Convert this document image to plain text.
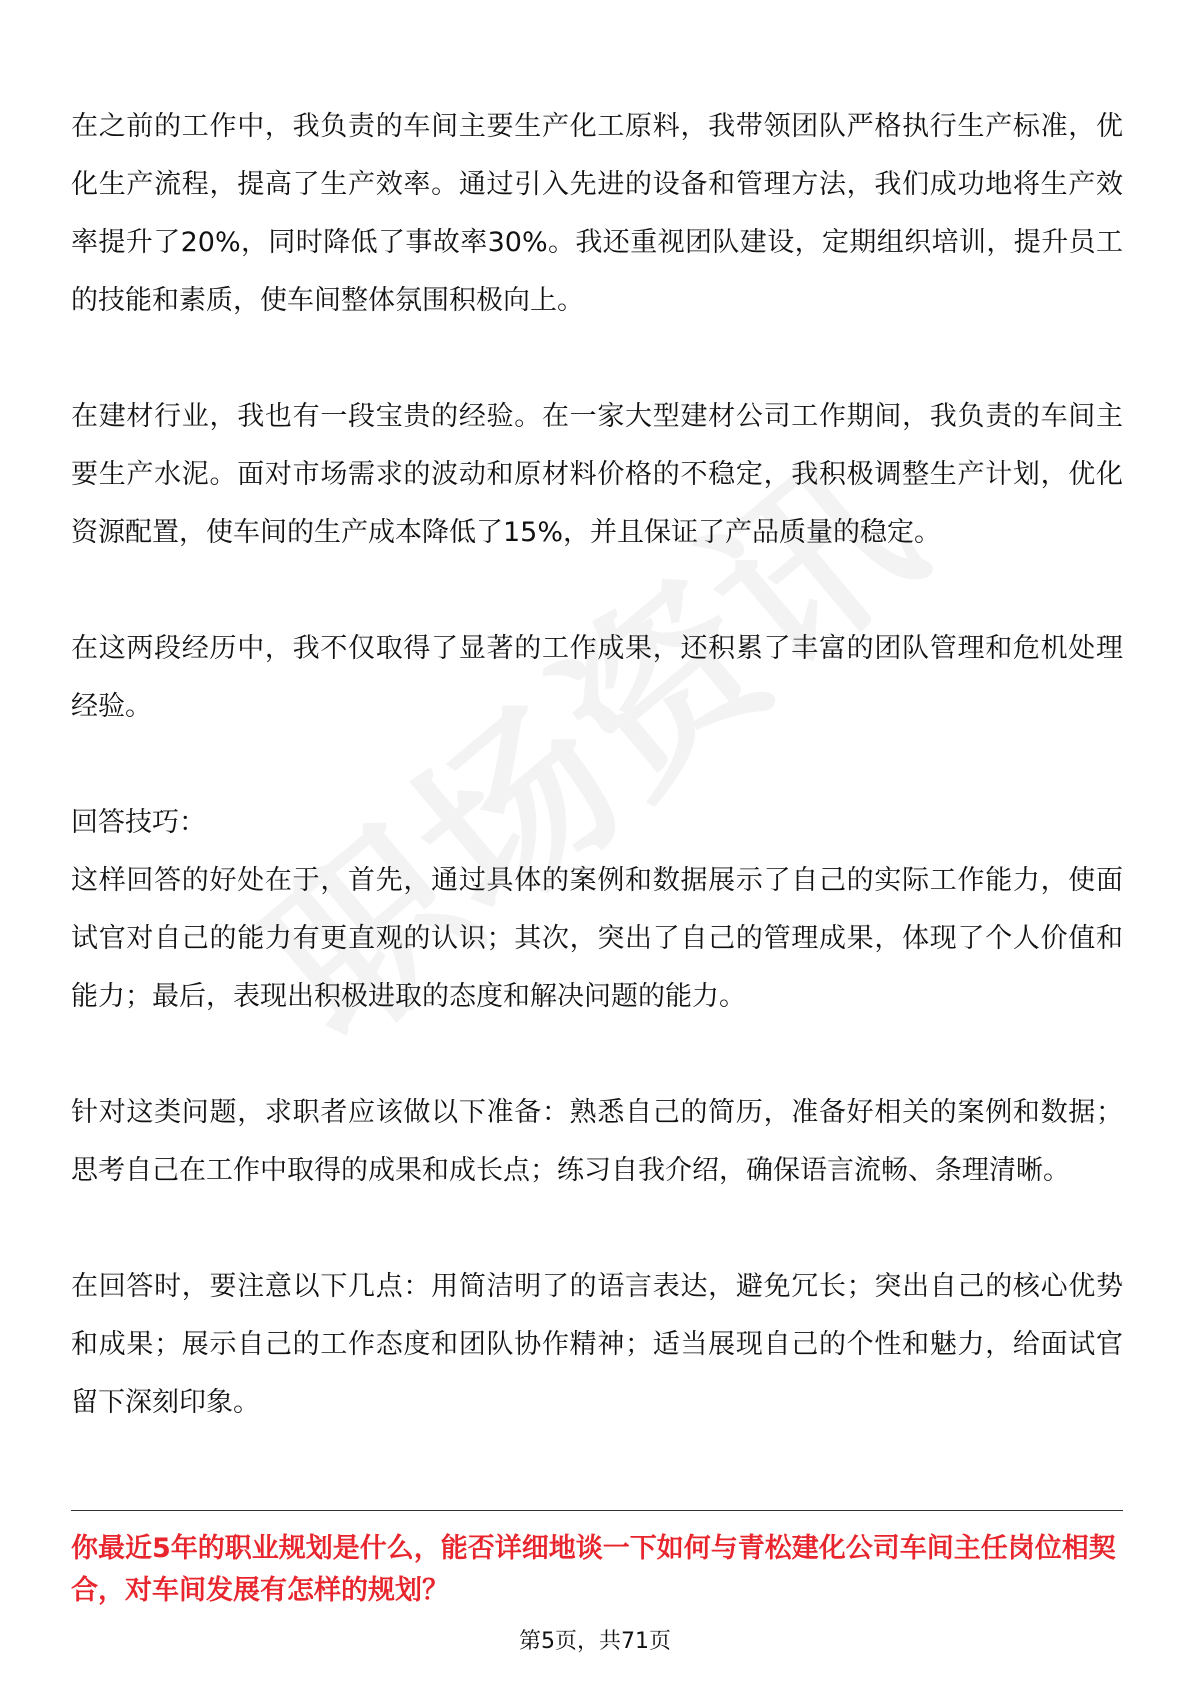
在之前的工作中，我负责的车间主要生产化工原料，我带领团队严格执行生产标准，优化生产流程，提高了生产效率。通过引入先进的设备和管理方法，我们成功地将生产效率提升了20%，同时降低了事故率30%。我还重视团队建设，定期组织培训，提升员工的技能和素质，使车间整体氛围积极向上。

在建材行业，我也有一段宝贵的经验。在一家大型建材公司工作期间，我负责的车间主要生产水泥。面对市场需求的波动和原材料价格的不稳定，我积极调整生产计划，优化资源配置，使车间的生产成本降低了15%，并且保证了产品质量的稳定。

在这两段经历中，我不仅取得了显著的工作成果，还积累了丰富的团队管理和危机处理经验。

回答技巧：

这样回答的好处在于，首先，通过具体的案例和数据展示了自己的实际工作能力，使面试官对自己的能力有更直观的认识；其次，突出了自己的管理成果，体现了个人价值和能力；最后，表现出积极进取的态度和解决问题的能力。

针对这类问题，求职者应该做以下准备：熟悉自己的简历，准备好相关的案例和数据；思考自己在工作中取得的成果和成长点；练习自我介绍，确保语言流畅、条理清晰。

在回答时，要注意以下几点：用简洁明了的语言表达，避免冗长；突出自己的核心优势和成果；展示自己的工作态度和团队协作精神；适当展现自己的个性和魅力，给面试官留下深刻印象。

你最近5年的职业规划是什么，能否详细地谈一下如何与青松建化公司车间主任岗位相契合，对车间发展有怎样的规划？

第5页，共71页
